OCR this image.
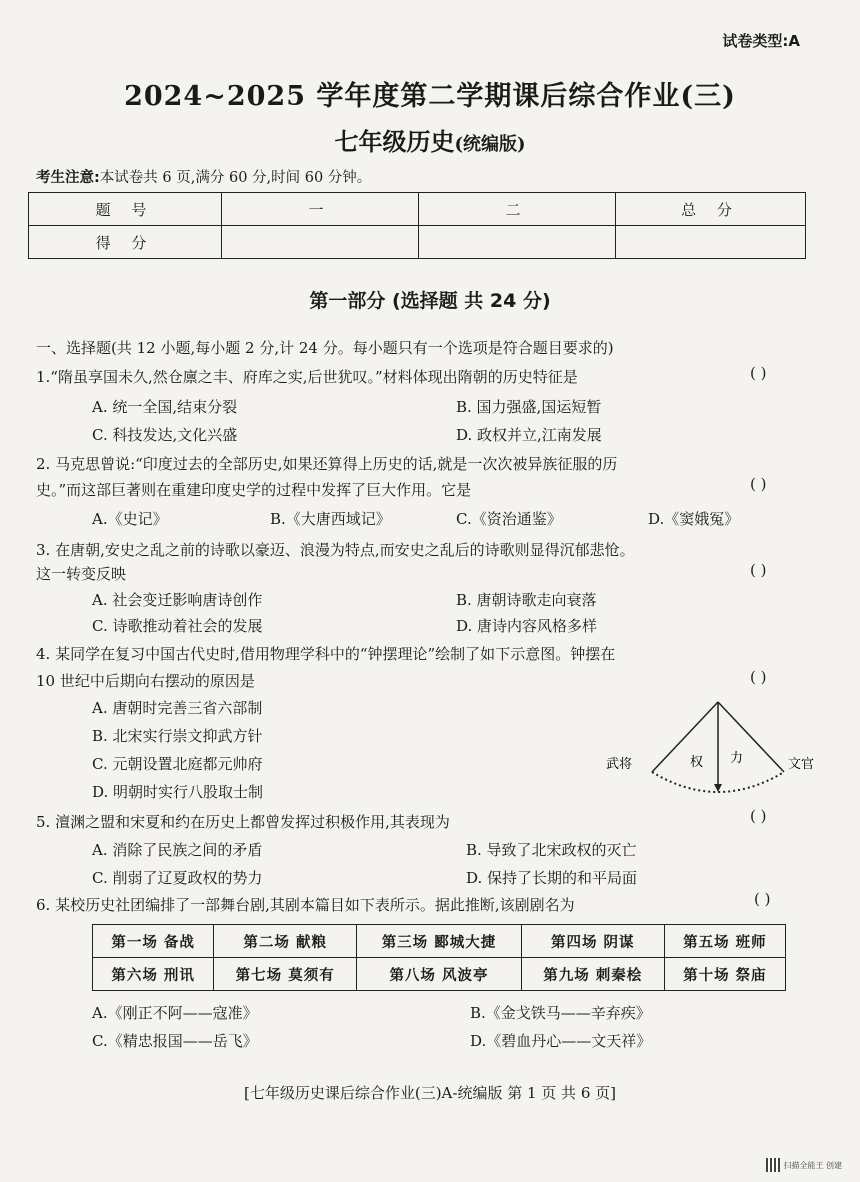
试卷类型:A
2024~2025 学年度第二学期课后综合作业(三)
七年级历史(统编版)
考生注意:本试卷共 6 页,满分 60 分,时间 60 分钟。
题 号	一	二	总 分
得 分			
第一部分 (选择题 共 24 分)
一、选择题(共 12 小题,每小题 2 分,计 24 分。每小题只有一个选项是符合题目要求的)
1.“隋虽享国未久,然仓廪之丰、府库之实,后世犹叹。”材料体现出隋朝的历史特征是	( )
A. 统一全国,结束分裂	B. 国力强盛,国运短暂
C. 科技发达,文化兴盛	D. 政权并立,江南发展
2. 马克思曾说:“印度过去的全部历史,如果还算得上历史的话,就是一次次被异族征服的历
史。”而这部巨著则在重建印度史学的过程中发挥了巨大作用。它是	( )
A.《史记》	B.《大唐西域记》	C.《资治通鉴》	D.《窦娥冤》
3. 在唐朝,安史之乱之前的诗歌以豪迈、浪漫为特点,而安史之乱后的诗歌则显得沉郁悲怆。
这一转变反映	( )
A. 社会变迁影响唐诗创作	B. 唐朝诗歌走向衰落
C. 诗歌推动着社会的发展	D. 唐诗内容风格多样
4. 某同学在复习中国古代史时,借用物理学科中的“钟摆理论”绘制了如下示意图。钟摆在
10 世纪中后期向右摆动的原因是	( )
A. 唐朝时完善三省六部制
B. 北宋实行崇文抑武方针
C. 元朝设置北庭都元帅府
D. 明朝时实行八股取士制
武将	文官
权 力
5. 澶渊之盟和宋夏和约在历史上都曾发挥过积极作用,其表现为	( )
A. 消除了民族之间的矛盾	B. 导致了北宋政权的灭亡
C. 削弱了辽夏政权的势力	D. 保持了长期的和平局面
6. 某校历史社团编排了一部舞台剧,其剧本篇目如下表所示。据此推断,该剧剧名为	( )
第一场 备战	第二场 献粮	第三场 郾城大捷	第四场 阴谋	第五场 班师
第六场 刑讯	第七场 莫须有	第八场 风波亭	第九场 刺秦桧	第十场 祭庙
A.《刚正不阿——寇准》	B.《金戈铁马——辛弃疾》
C.《精忠报国——岳飞》	D.《碧血丹心——文天祥》
[七年级历史课后综合作业(三)A-统编版 第 1 页 共 6 页]
扫描全能王 创建
